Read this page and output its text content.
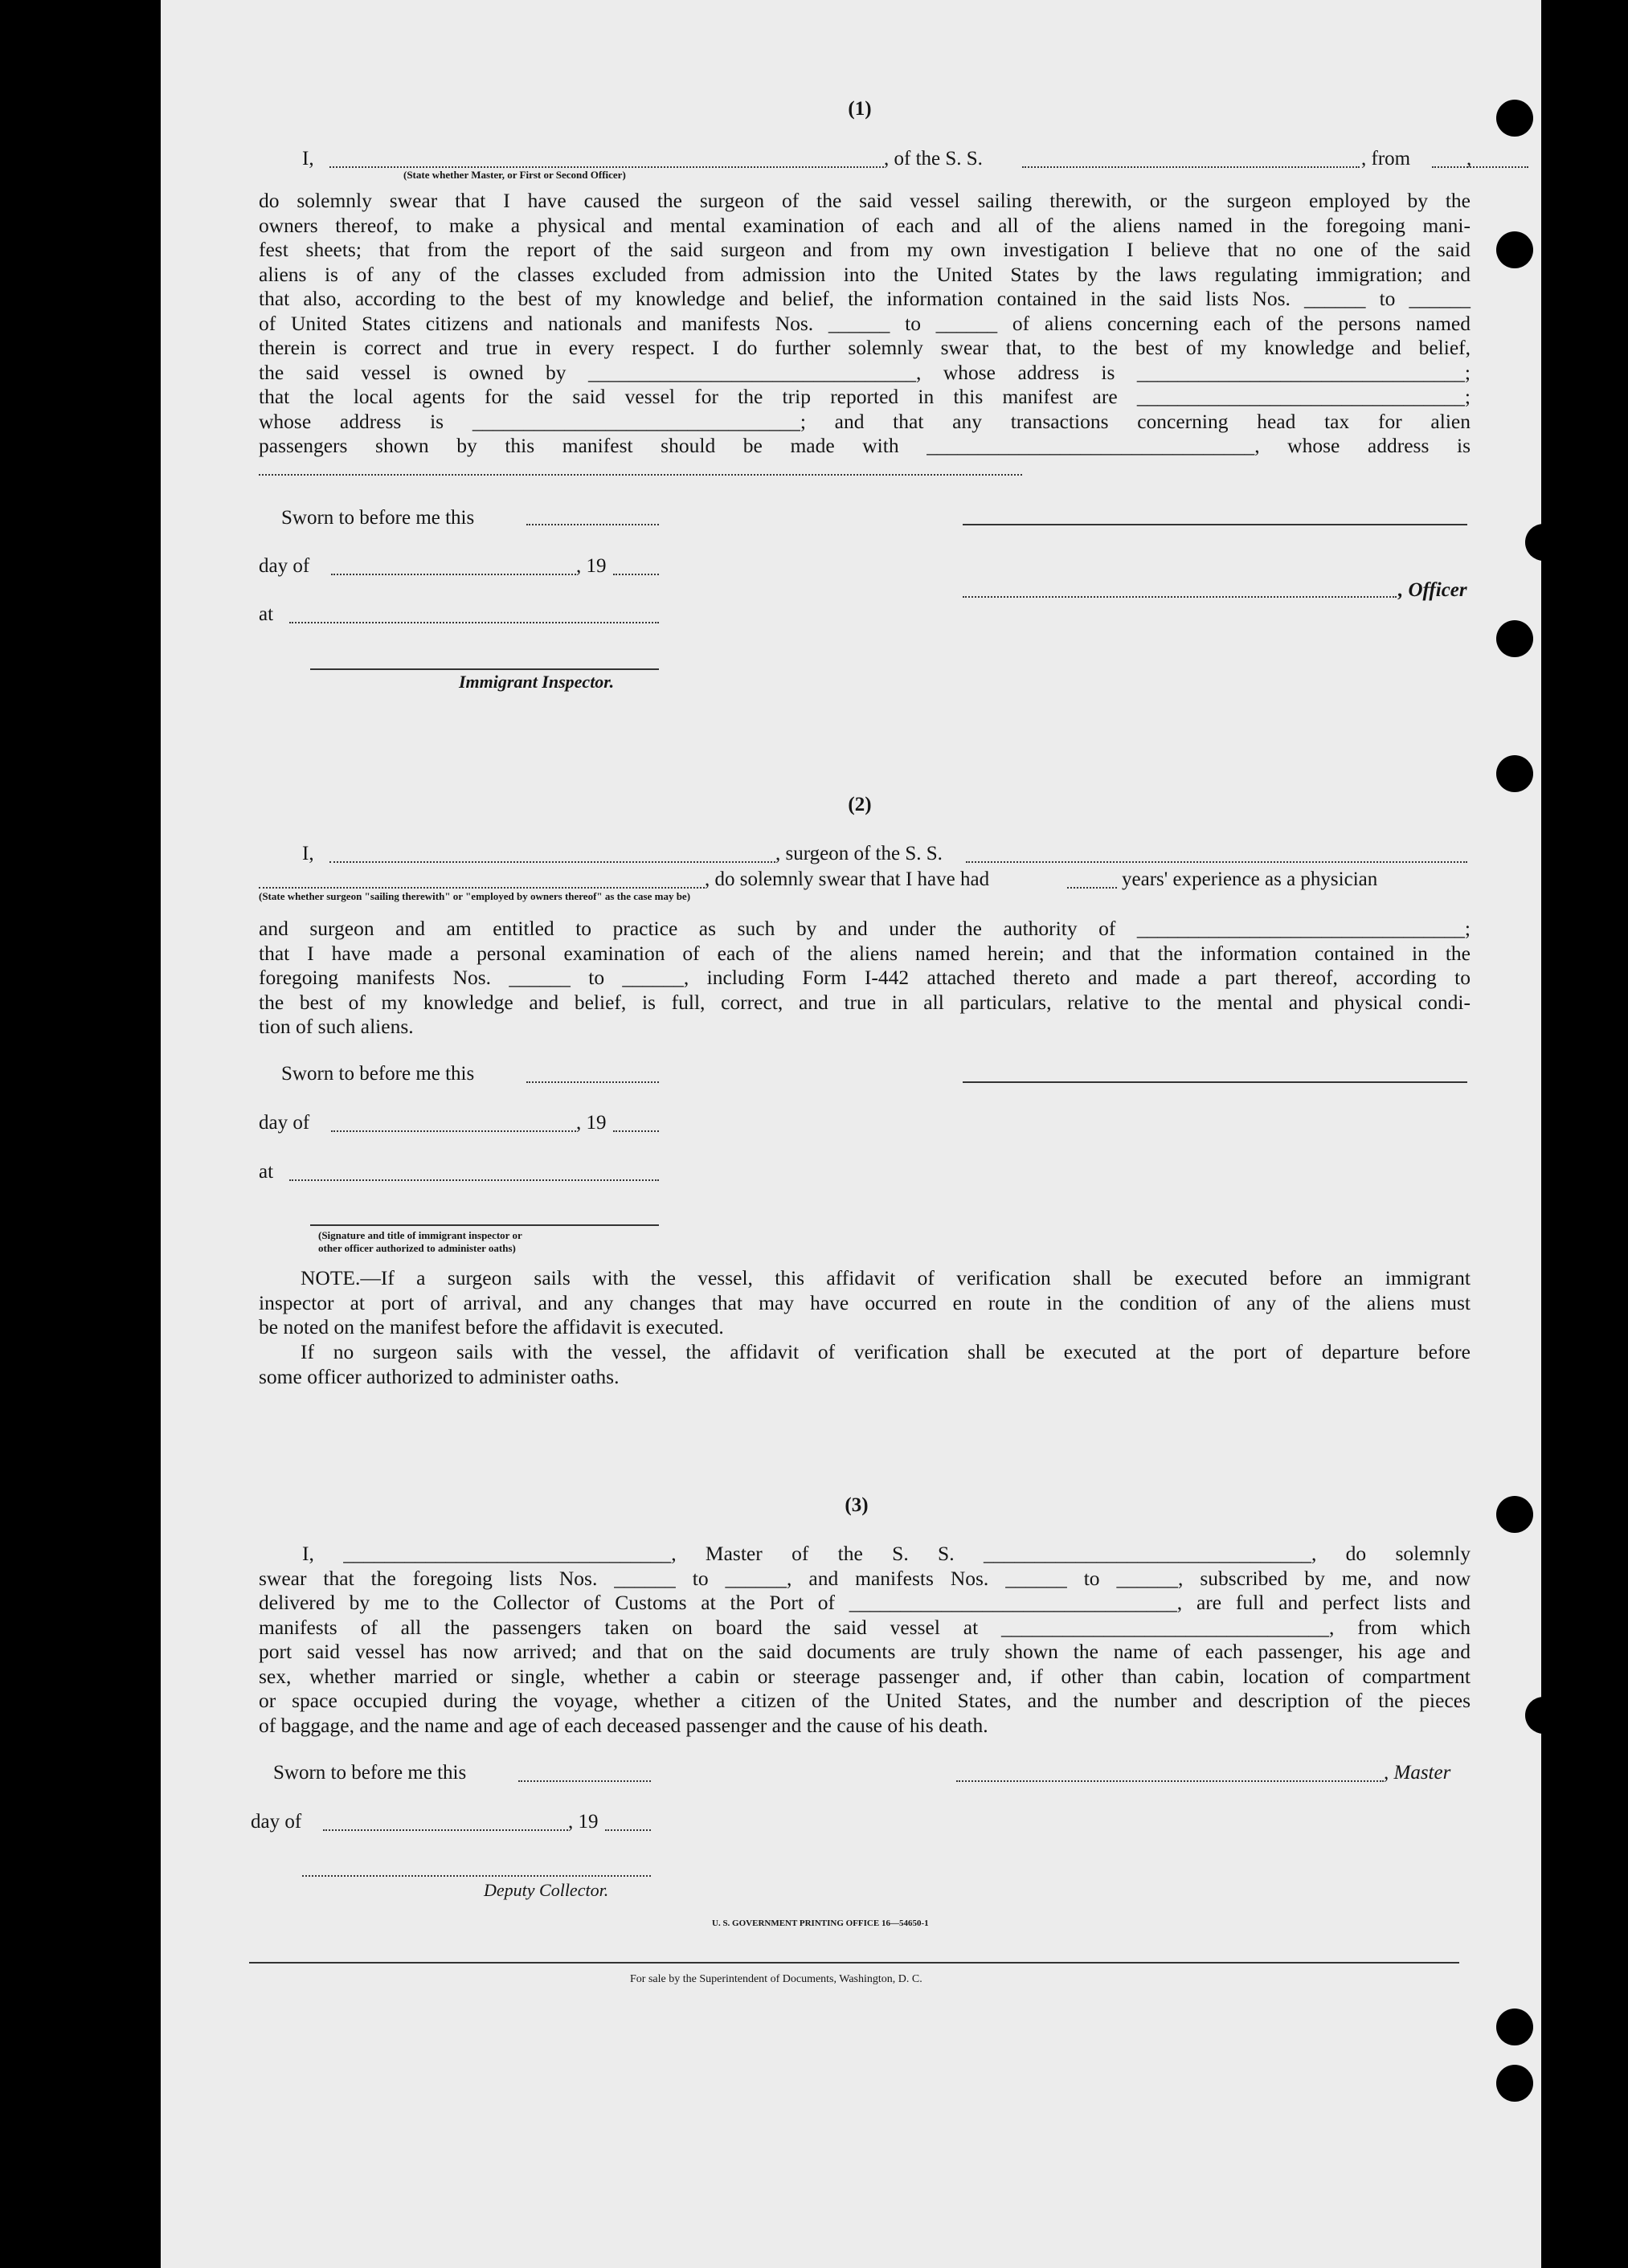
(1)
I,	, of the S. S.	, from	,
(State whether Master, or First or Second Officer)
do solemnly swear that I have caused the surgeon of the said vessel sailing therewith, or the surgeon employed by the
owners thereof, to make a physical and mental examination of each and all of the aliens named in the foregoing mani-
fest sheets; that from the report of the said surgeon and from my own investigation I believe that no one of the said
aliens is of any of the classes excluded from admission into the United States by the laws regulating immigration; and
that also, according to the best of my knowledge and belief, the information contained in the said lists Nos. ______ to ______
of United States citizens and nationals and manifests Nos. ______ to ______ of aliens concerning each of the persons named
therein is correct and true in every respect. I do further solemnly swear that, to the best of my knowledge and belief,
the said vessel is owned by ________________________________, whose address is ________________________________;
that the local agents for the said vessel for the trip reported in this manifest are ________________________________;
whose address is ________________________________; and that any transactions concerning head tax for alien
passengers shown by this manifest should be made with ________________________________, whose address is
Sworn to before me this
day of	, 19
, Officer
at
Immigrant Inspector.
(2)
I,	, surgeon of the S. S.
, do solemnly swear that I have had	years' experience as a physician
(State whether surgeon "sailing therewith" or "employed by owners thereof" as the case may be)
and surgeon and am entitled to practice as such by and under the authority of ________________________________;
that I have made a personal examination of each of the aliens named herein; and that the information contained in the
foregoing manifests Nos. ______ to ______, including Form I-442 attached thereto and made a part thereof, according to
the best of my knowledge and belief, is full, correct, and true in all particulars, relative to the mental and physical condi-
tion of such aliens.
Sworn to before me this
day of	, 19
at
(Signature and title of immigrant inspector or
other officer authorized to administer oaths)
NOTE.—If a surgeon sails with the vessel, this affidavit of verification shall be executed before an immigrant
inspector at port of arrival, and any changes that may have occurred en route in the condition of any of the aliens must
be noted on the manifest before the affidavit is executed.
If no surgeon sails with the vessel, the affidavit of verification shall be executed at the port of departure before
some officer authorized to administer oaths.
(3)
I, ________________________________, Master of the S. S. ________________________________, do solemnly
swear that the foregoing lists Nos. ______ to ______, and manifests Nos. ______ to ______, subscribed by me, and now
delivered by me to the Collector of Customs at the Port of ________________________________, are full and perfect lists and
manifests of all the passengers taken on board the said vessel at ________________________________, from which
port said vessel has now arrived; and that on the said documents are truly shown the name of each passenger, his age and
sex, whether married or single, whether a cabin or steerage passenger and, if other than cabin, location of compartment
or space occupied during the voyage, whether a citizen of the United States, and the number and description of the pieces
of baggage, and the name and age of each deceased passenger and the cause of his death.
Sworn to before me this	, Master
day of	, 19
Deputy Collector.
U. S. GOVERNMENT PRINTING OFFICE 16—54650-1
For sale by the Superintendent of Documents, Washington, D. C.
